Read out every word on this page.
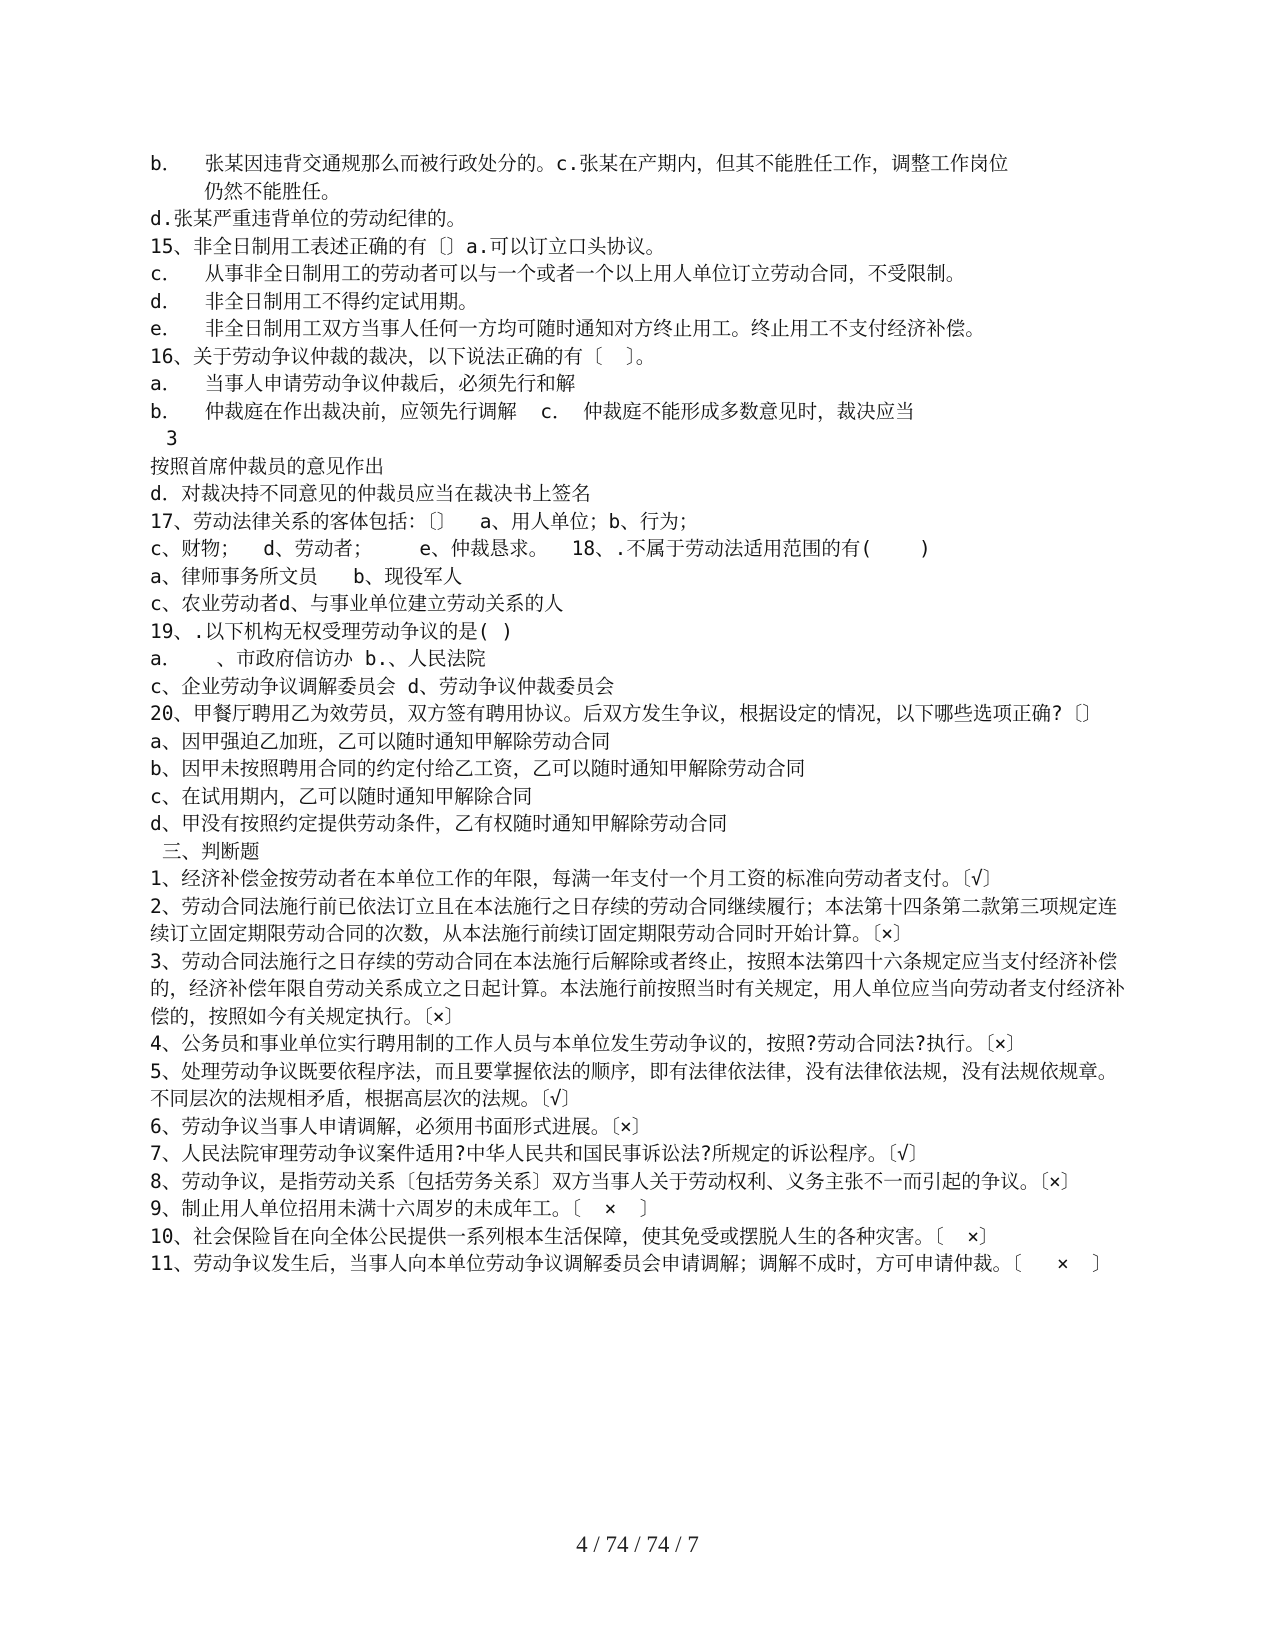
b．  张某因违背交通规那么而被行政处分的。c.张某在产期内，但其不能胜任工作，调整工作岗位

仍然不能胜任。

d.张某严重违背单位的劳动纪律的。

15、非全日制用工表述正确的有〔〕a.可以订立口头协议。

c．  从事非全日制用工的劳动者可以与一个或者一个以上用人单位订立劳动合同，不受限制。

d．  非全日制用工不得约定试用期。

e．  非全日制用工双方当事人任何一方均可随时通知对方终止用工。终止用工不支付经济补偿。

16、关于劳动争议仲裁的裁决，以下说法正确的有〔  〕。

a．  当事人申请劳动争议仲裁后，必须先行和解

b．  仲裁庭在作出裁决前，应领先行调解  c． 仲裁庭不能形成多数意见时，裁决应当

3

按照首席仲裁员的意见作出

d．对裁决持不同意见的仲裁员应当在裁决书上签名

17、劳动法律关系的客体包括：〔〕  a、用人单位；b、行为；

c、财物；  d、劳动者；    e、仲裁恳求。  18、.不属于劳动法适用范围的有(    )

a、律师事务所文员   b、现役军人

c、农业劳动者d、与事业单位建立劳动关系的人

19、.以下机构无权受理劳动争议的是( )

a．   、市政府信访办 b.、人民法院

c、企业劳动争议调解委员会 d、劳动争议仲裁委员会

20、甲餐厅聘用乙为效劳员，双方签有聘用协议。后双方发生争议，根据设定的情况，以下哪些选项正确?〔〕

a、因甲强迫乙加班，乙可以随时通知甲解除劳动合同

b、因甲未按照聘用合同的约定付给乙工资，乙可以随时通知甲解除劳动合同

c、在试用期内，乙可以随时通知甲解除合同

d、甲没有按照约定提供劳动条件，乙有权随时通知甲解除劳动合同

三、判断题

1、经济补偿金按劳动者在本单位工作的年限，每满一年支付一个月工资的标准向劳动者支付。〔√〕

2、劳动合同法施行前已依法订立且在本法施行之日存续的劳动合同继续履行；本法第十四条第二款第三项规定连续订立固定期限劳动合同的次数，从本法施行前续订固定期限劳动合同时开始计算。〔×〕

3、劳动合同法施行之日存续的劳动合同在本法施行后解除或者终止，按照本法第四十六条规定应当支付经济补偿的，经济补偿年限自劳动关系成立之日起计算。本法施行前按照当时有关规定，用人单位应当向劳动者支付经济补偿的，按照如今有关规定执行。〔×〕

4、公务员和事业单位实行聘用制的工作人员与本单位发生劳动争议的，按照?劳动合同法?执行。〔×〕

5、处理劳动争议既要依程序法，而且要掌握依法的顺序，即有法律依法律，没有法律依法规，没有法规依规章。不同层次的法规相矛盾，根据高层次的法规。〔√〕

6、劳动争议当事人申请调解，必须用书面形式进展。〔×〕

7、人民法院审理劳动争议案件适用?中华人民共和国民事诉讼法?所规定的诉讼程序。〔√〕

8、劳动争议，是指劳动关系〔包括劳务关系〕双方当事人关于劳动权利、义务主张不一而引起的争议。〔×〕

9、制止用人单位招用未满十六周岁的未成年工。〔  ×  〕

10、社会保险旨在向全体公民提供一系列根本生活保障，使其免受或摆脱人生的各种灾害。〔  ×〕

11、劳动争议发生后，当事人向本单位劳动争议调解委员会申请调解；调解不成时，方可申请仲裁。〔   ×  〕

4 / 74 / 74 / 7
